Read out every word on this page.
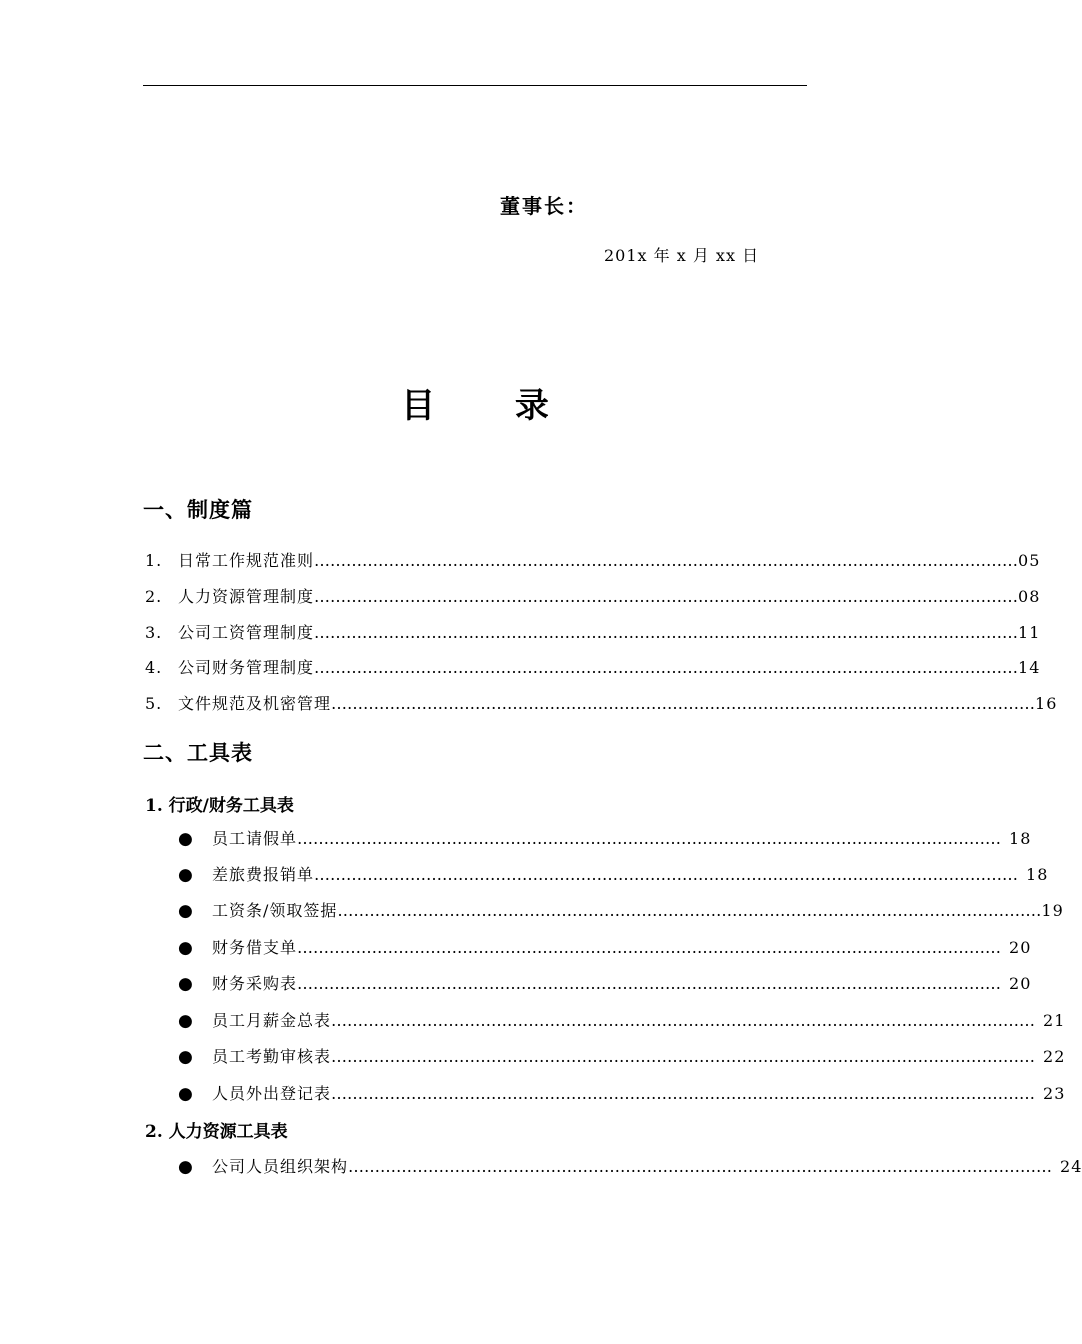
董事长：
201x 年 x 月 xx 日
目 录
一、制度篇
1. 日常工作规范准则 …………………………………………………………………………………………………………………… 05
2. 人力资源管理制度 …………………………………………………………………………………………………………………… 08
3. 公司工资管理制度 …………………………………………………………………………………………………………………… 11
4. 公司财务管理制度 …………………………………………………………………………………………………………………… 14
5. 文件规范及机密管理 …………………………………………………………………………………………………………………… 16
二、工具表
1. 行政/财务工具表
●	员工请假单 …………………………………………………………………………………………………………………… 18
●	差旅费报销单 …………………………………………………………………………………………………………………… 18
●	工资条/领取签据 …………………………………………………………………………………………………………………… 19
●	财务借支单 …………………………………………………………………………………………………………………… 20
●	财务采购表 …………………………………………………………………………………………………………………… 20
●	员工月薪金总表 …………………………………………………………………………………………………………………… 21
●	员工考勤审核表 …………………………………………………………………………………………………………………… 22
●	人员外出登记表 …………………………………………………………………………………………………………………… 23
2. 人力资源工具表
●	公司人员组织架构 …………………………………………………………………………………………………………………… 24
